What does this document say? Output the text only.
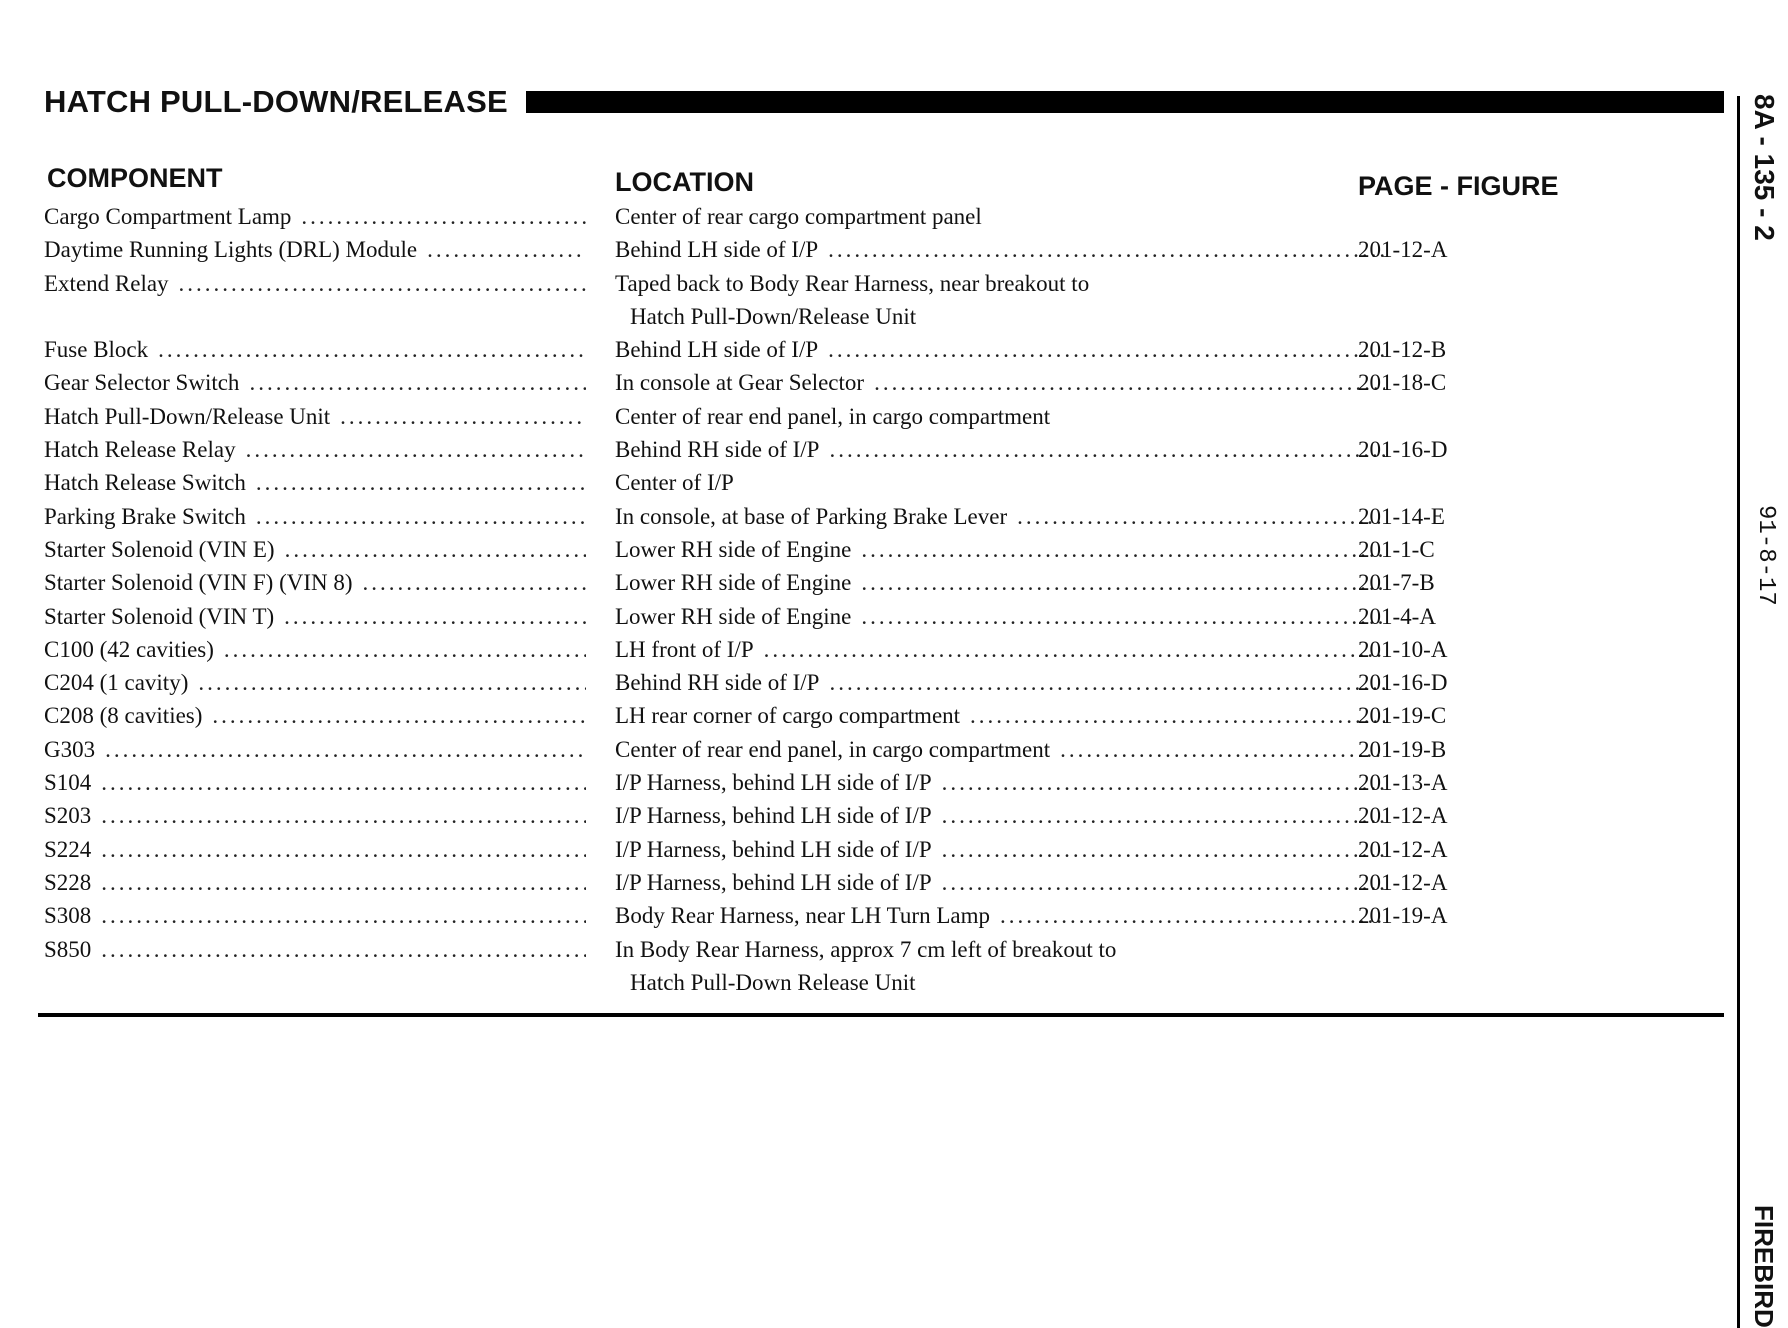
HATCH PULL-DOWN/RELEASE
COMPONENT	LOCATION	PAGE - FIGURE
Cargo Compartment Lamp .....	Center of rear cargo compartment panel
Daytime Running Lights (DRL) Module .....	Behind LH side of I/P .....	201-12-A
Extend Relay .....	Taped back to Body Rear Harness, near breakout to
Hatch Pull-Down/Release Unit
Fuse Block .....	Behind LH side of I/P .....	201-12-B
Gear Selector Switch .....	In console at Gear Selector .....	201-18-C
Hatch Pull-Down/Release Unit .....	Center of rear end panel, in cargo compartment
Hatch Release Relay .....	Behind RH side of I/P .....	201-16-D
Hatch Release Switch .....	Center of I/P
Parking Brake Switch .....	In console, at base of Parking Brake Lever .....	201-14-E
Starter Solenoid (VIN E) .....	Lower RH side of Engine .....	201-1-C
Starter Solenoid (VIN F) (VIN 8) .....	Lower RH side of Engine .....	201-7-B
Starter Solenoid (VIN T) .....	Lower RH side of Engine .....	201-4-A
C100 (42 cavities) .....	LH front of I/P .....	201-10-A
C204 (1 cavity) .....	Behind RH side of I/P .....	201-16-D
C208 (8 cavities) .....	LH rear corner of cargo compartment .....	201-19-C
G303 .....	Center of rear end panel, in cargo compartment .....	201-19-B
S104 .....	I/P Harness, behind LH side of I/P .....	201-13-A
S203 .....	I/P Harness, behind LH side of I/P .....	201-12-A
S224 .....	I/P Harness, behind LH side of I/P .....	201-12-A
S228 .....	I/P Harness, behind LH side of I/P .....	201-12-A
S308 .....	Body Rear Harness, near LH Turn Lamp .....	201-19-A
S850 .....	In Body Rear Harness, approx 7 cm left of breakout to
Hatch Pull-Down Release Unit
8A - 135 - 2
91-8-17
FIREBIRD
